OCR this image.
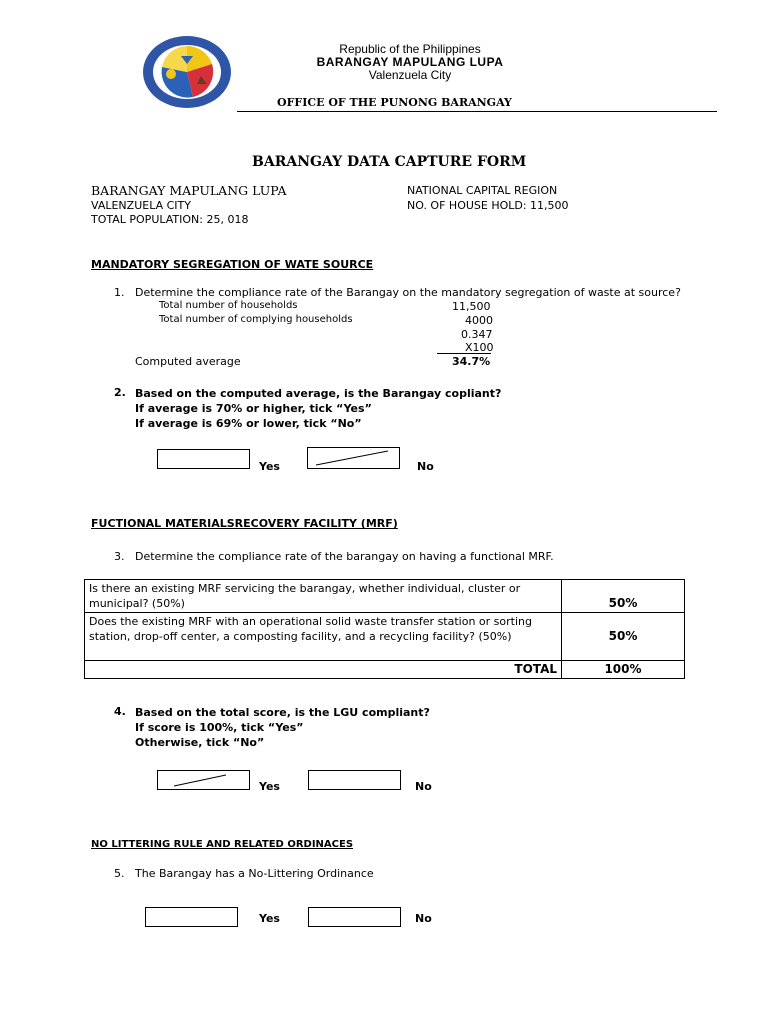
Republic of the Philippines
BARANGAY MAPULANG LUPA
Valenzuela City
OFFICE OF THE PUNONG BARANGAY
BARANGAY DATA CAPTURE FORM
BARANGAY MAPULANG LUPA
VALENZUELA CITY
TOTAL POPULATION: 25, 018
NATIONAL CAPITAL REGION
NO. OF HOUSE HOLD: 11,500
MANDATORY SEGREGATION OF WATE SOURCE
1. Determine the compliance rate of the Barangay on the mandatory segregation of waste at source?
Total number of households	11,500
Total number of complying households	4000
0.347
X100
Computed average	34.7%
2. Based on the computed average, is the Barangay copliant?
If average is 70% or higher, tick “Yes”
If average is 69% or lower, tick “No”
Yes	No
FUCTIONAL MATERIALSRECOVERY FACILITY (MRF)
3. Determine the compliance rate of the barangay on having a functional MRF.
Is there an existing MRF servicing the barangay, whether individual, cluster or municipal? (50%)	50%
Does the existing MRF with an operational solid waste transfer station or sorting station, drop-off center, a composting facility, and a recycling facility? (50%)	50%
TOTAL	100%
4. Based on the total score, is the LGU compliant?
If score is 100%, tick “Yes”
Otherwise, tick “No”
Yes	No
NO LITTERING RULE AND RELATED ORDINACES
5. The Barangay has a No-Littering Ordinance
Yes	No
